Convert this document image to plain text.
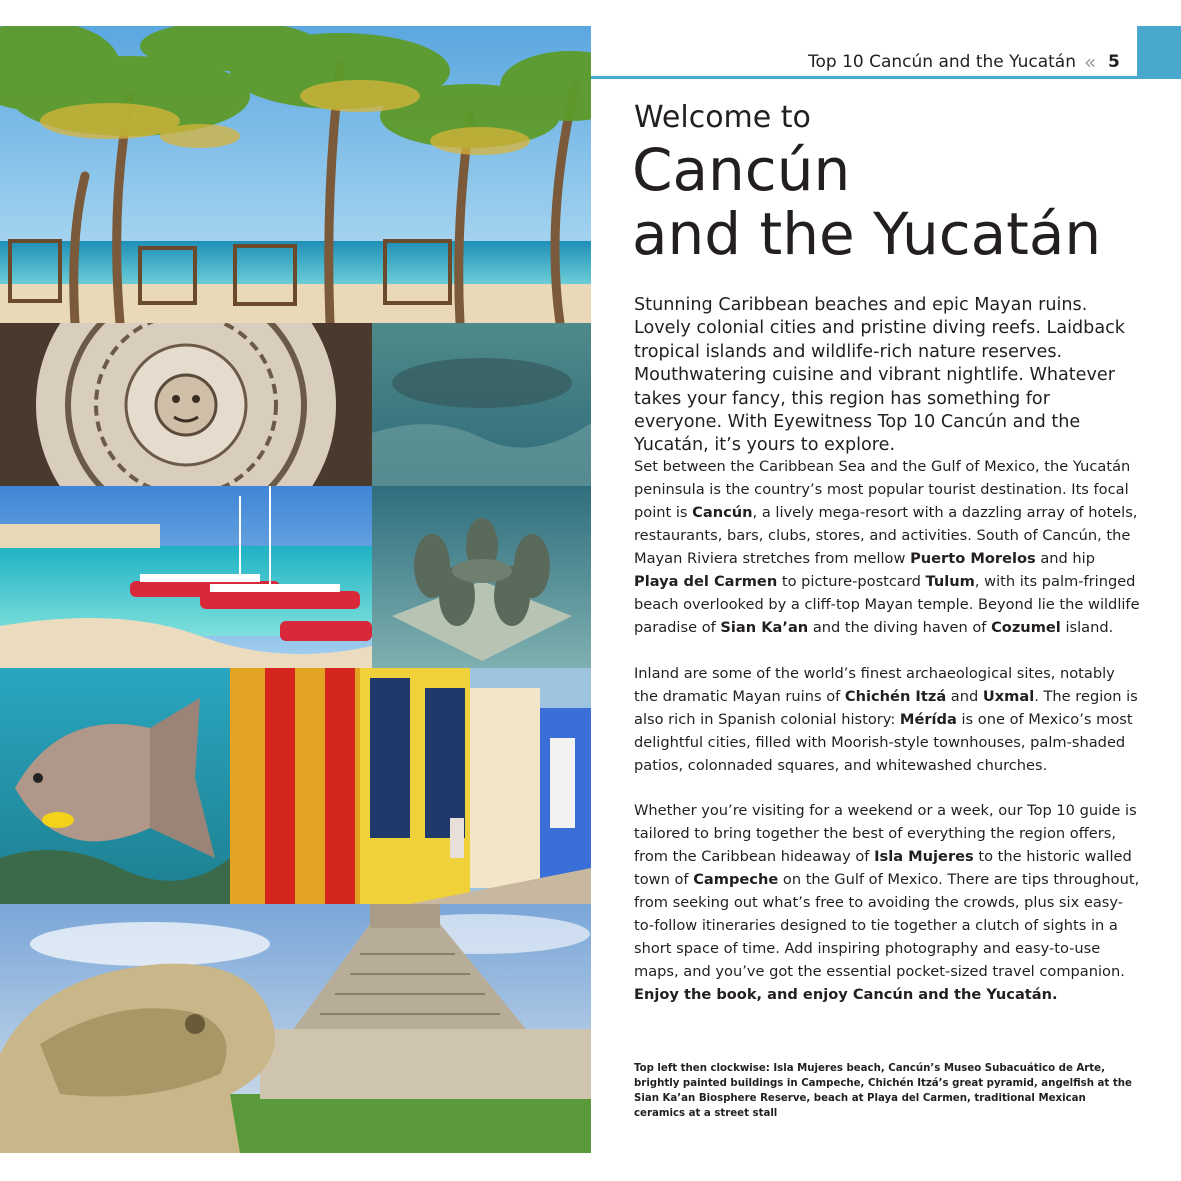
Top 10 Cancún and the Yucatán « 5
Welcome to
Cancún
and the Yucatán
Stunning Caribbean beaches and epic Mayan ruins. Lovely colonial cities and pristine diving reefs. Laidback tropical islands and wildlife-rich nature reserves. Mouthwatering cuisine and vibrant nightlife. Whatever takes your fancy, this region has something for everyone. With Eyewitness Top 10 Cancún and the Yucatán, it’s yours to explore.
Set between the Caribbean Sea and the Gulf of Mexico, the Yucatán peninsula is the country’s most popular tourist destination. Its focal point is Cancún, a lively mega-resort with a dazzling array of hotels, restaurants, bars, clubs, stores, and activities. South of Cancún, the Mayan Riviera stretches from mellow Puerto Morelos and hip Playa del Carmen to picture-postcard Tulum, with its palm-fringed beach overlooked by a cliff-top Mayan temple. Beyond lie the wildlife paradise of Sian Ka’an and the diving haven of Cozumel island.
Inland are some of the world’s finest archaeological sites, notably the dramatic Mayan ruins of Chichén Itzá and Uxmal. The region is also rich in Spanish colonial history: Mérída is one of Mexico’s most delightful cities, filled with Moorish-style townhouses, palm-shaded patios, colonnaded squares, and whitewashed churches.
Whether you’re visiting for a weekend or a week, our Top 10 guide is tailored to bring together the best of everything the region offers, from the Caribbean hideaway of Isla Mujeres to the historic walled town of Campeche on the Gulf of Mexico. There are tips throughout, from seeking out what’s free to avoiding the crowds, plus six easy-to-follow itineraries designed to tie together a clutch of sights in a short space of time. Add inspiring photography and easy-to-use maps, and you’ve got the essential pocket-sized travel companion. Enjoy the book, and enjoy Cancún and the Yucatán.
Top left then clockwise: Isla Mujeres beach, Cancún’s Museo Subacuático de Arte, brightly painted buildings in Campeche, Chichén Itzá’s great pyramid, angelfish at the Sian Ka’an Biosphere Reserve, beach at Playa del Carmen, traditional Mexican ceramics at a street stall
